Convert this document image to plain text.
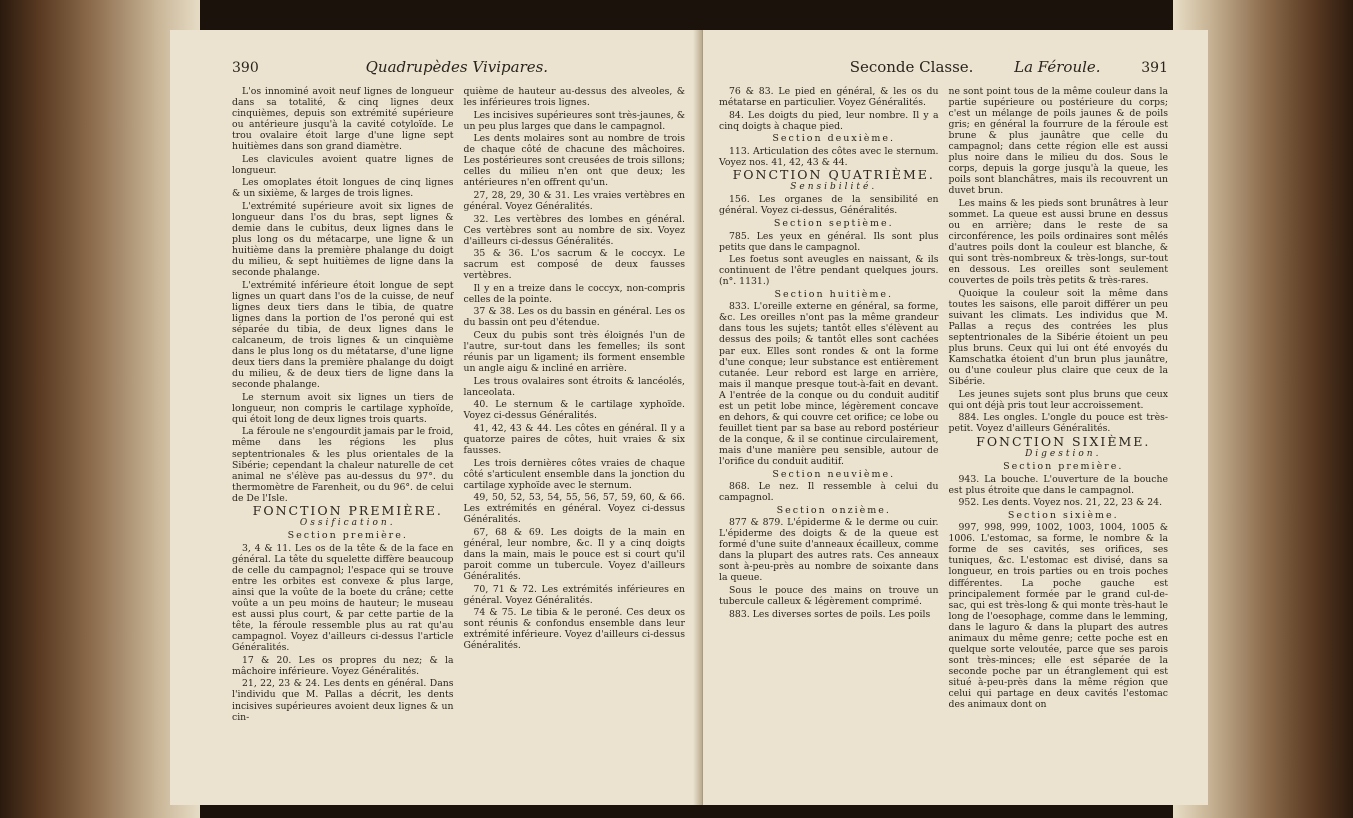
390	Quadrupèdes Vivipares.

L'os innominé avoit neuf lignes de longueur dans sa totalité, & cinq lignes deux cinquièmes, depuis son extrémité supérieure ou antérieure jusqu'à la cavité cotyloïde. Le trou ovalaire étoit large d'une ligne sept huitièmes dans son grand diamètre.

Les clavicules avoient quatre lignes de longueur.

Les omoplates étoit longues de cinq lignes & un sixième, & larges de trois lignes.

L'extrémité supérieure avoit six lignes de longueur dans l'os du bras, sept lignes & demie dans le cubitus, deux lignes dans le plus long os du métacarpe, une ligne & un huitième dans la première phalange du doigt du milieu, & sept huitièmes de ligne dans la seconde phalange.

L'extrémité inférieure étoit longue de sept lignes un quart dans l'os de la cuisse, de neuf lignes deux tiers dans le tibia, de quatre lignes dans la portion de l'os peroné qui est séparée du tibia, de deux lignes dans le calcaneum, de trois lignes & un cinquième dans le plus long os du métatarse, d'une ligne deux tiers dans la première phalange du doigt du milieu, & de deux tiers de ligne dans la seconde phalange.

Le sternum avoit six lignes un tiers de longueur, non compris le cartilage xyphoïde, qui étoit long de deux lignes trois quarts.

La féroule ne s'engourdit jamais par le froid, même dans les régions les plus septentrionales & les plus orientales de la Sibérie; cependant la chaleur naturelle de cet animal ne s'élève pas au-dessus du 97°. du thermomètre de Farenheit, ou du 96°. de celui de De l'Isle.

FONCTION PREMIÈRE.

Ossification.

Section première.

3, 4 & 11. Les os de la tête & de la face en général. La tête du squelette diffère beaucoup de celle du campagnol; l'espace qui se trouve entre les orbites est convexe & plus large, ainsi que la voûte de la boete du crâne; cette voûte a un peu moins de hauteur; le museau est aussi plus court, & par cette partie de la tête, la féroule ressemble plus au rat qu'au campagnol. Voyez d'ailleurs ci-dessus l'article Généralités.

17 & 20. Les os propres du nez; & la mâchoire inférieure. Voyez Généralités.

21, 22, 23 & 24. Les dents en général. Dans l'individu que M. Pallas a décrit, les dents incisives supérieures avoient deux lignes & un cin-

quième de hauteur au-dessus des alveoles, & les inférieures trois lignes.

Les incisives supérieures sont très-jaunes, & un peu plus larges que dans le campagnol.

Les dents molaires sont au nombre de trois de chaque côté de chacune des mâchoires. Les postérieures sont creusées de trois sillons; celles du milieu n'en ont que deux; les antérieures n'en offrent qu'un.

27, 28, 29, 30 & 31. Les vraies vertèbres en général. Voyez Généralités.

32. Les vertèbres des lombes en général. Ces vertèbres sont au nombre de six. Voyez d'ailleurs ci-dessus Généralités.

35 & 36. L'os sacrum & le coccyx. Le sacrum est composé de deux fausses vertèbres.

Il y en a treize dans le coccyx, non-compris celles de la pointe.

37 & 38. Les os du bassin en général. Les os du bassin ont peu d'étendue.

Ceux du pubis sont très éloignés l'un de l'autre, sur-tout dans les femelles; ils sont réunis par un ligament; ils forment ensemble un angle aigu & incliné en arrière.

Les trous ovalaires sont étroits & lancéolés, lanceolata.

40. Le sternum & le cartilage xyphoïde. Voyez ci-dessus Généralités.

41, 42, 43 & 44. Les côtes en général. Il y a quatorze paires de côtes, huit vraies & six fausses.

Les trois dernières côtes vraies de chaque côté s'articulent ensemble dans la jonction du cartilage xyphoïde avec le sternum.

49, 50, 52, 53, 54, 55, 56, 57, 59, 60, & 66. Les extrémités en général. Voyez ci-dessus Généralités.

67, 68 & 69. Les doigts de la main en général, leur nombre, &c. Il y a cinq doigts dans la main, mais le pouce est si court qu'il paroit comme un tubercule. Voyez d'ailleurs Généralités.

70, 71 & 72. Les extrémités inférieures en général. Voyez Généralités.

74 & 75. Le tibia & le peroné. Ces deux os sont réunis & confondus ensemble dans leur extrémité inférieure. Voyez d'ailleurs ci-dessus Généralités.

Seconde Classe.	La Féroule.	391

76 & 83. Le pied en général, & les os du métatarse en particulier. Voyez Généralités.

84. Les doigts du pied, leur nombre. Il y a cinq doigts à chaque pied.

Section deuxième.

113. Articulation des côtes avec le sternum. Voyez nos. 41, 42, 43 & 44.

FONCTION QUATRIÈME.

Sensibilité.

156. Les organes de la sensibilité en général. Voyez ci-dessus, Généralités.

Section septième.

785. Les yeux en général. Ils sont plus petits que dans le campagnol.

Les foetus sont aveugles en naissant, & ils continuent de l'être pendant quelques jours. (n°. 1131.)

Section huitième.

833. L'oreille externe en général, sa forme, &c. Les oreilles n'ont pas la même grandeur dans tous les sujets; tantôt elles s'élèvent au dessus des poils; & tantôt elles sont cachées par eux. Elles sont rondes & ont la forme d'une conque; leur substance est entièrement cutanée. Leur rebord est large en arrière, mais il manque presque tout-à-fait en devant. A l'entrée de la conque ou du conduit auditif est un petit lobe mince, légèrement concave en dehors, & qui couvre cet orifice; ce lobe ou feuillet tient par sa base au rebord postérieur de la conque, & il se continue circulairement, mais d'une manière peu sensible, autour de l'orifice du conduit auditif.

Section neuvième.

868. Le nez. Il ressemble à celui du campagnol.

Section onzième.

877 & 879. L'épiderme & le derme ou cuir. L'épiderme des doigts & de la queue est formé d'une suite d'anneaux écailleux, comme dans la plupart des autres rats. Ces anneaux sont à-peu-près au nombre de soixante dans la queue.

Sous le pouce des mains on trouve un tubercule calleux & légèrement comprimé.

883. Les diverses sortes de poils. Les poils

ne sont point tous de la même couleur dans la partie supérieure ou postérieure du corps; c'est un mélange de poils jaunes & de poils gris; en général la fourrure de la féroule est brune & plus jaunâtre que celle du campagnol; dans cette région elle est aussi plus noire dans le milieu du dos. Sous le corps, depuis la gorge jusqu'à la queue, les poils sont blanchâtres, mais ils recouvrent un duvet brun.

Les mains & les pieds sont brunâtres à leur sommet. La queue est aussi brune en dessus ou en arrière; dans le reste de sa circonférence, les poils ordinaires sont mêlés d'autres poils dont la couleur est blanche, & qui sont très-nombreux & très-longs, sur-tout en dessous. Les oreilles sont seulement couvertes de poils très petits & très-rares.

Quoique la couleur soit la même dans toutes les saisons, elle paroit différer un peu suivant les climats. Les individus que M. Pallas a reçus des contrées les plus septentrionales de la Sibérie étoient un peu plus bruns. Ceux qui lui ont été envoyés du Kamschatka étoient d'un brun plus jaunâtre, ou d'une couleur plus claire que ceux de la Sibérie.

Les jeunes sujets sont plus bruns que ceux qui ont déjà pris tout leur accroissement.

884. Les ongles. L'ongle du pouce est très-petit. Voyez d'ailleurs Généralités.

FONCTION SIXIÈME.

Digestion.

Section première.

943. La bouche. L'ouverture de la bouche est plus étroite que dans le campagnol.

952. Les dents. Voyez nos. 21, 22, 23 & 24.

Section sixième.

997, 998, 999, 1002, 1003, 1004, 1005 & 1006. L'estomac, sa forme, le nombre & la forme de ses cavités, ses orifices, ses tuniques, &c. L'estomac est divisé, dans sa longueur, en trois parties ou en trois poches différentes. La poche gauche est principalement formée par le grand cul-de-sac, qui est très-long & qui monte très-haut le long de l'oesophage, comme dans le lemming, dans le laguro & dans la plupart des autres animaux du même genre; cette poche est en quelque sorte veloutée, parce que ses parois sont très-minces; elle est séparée de la seconde poche par un étranglement qui est situé à-peu-près dans la même région que celui qui partage en deux cavités l'estomac des animaux dont on
